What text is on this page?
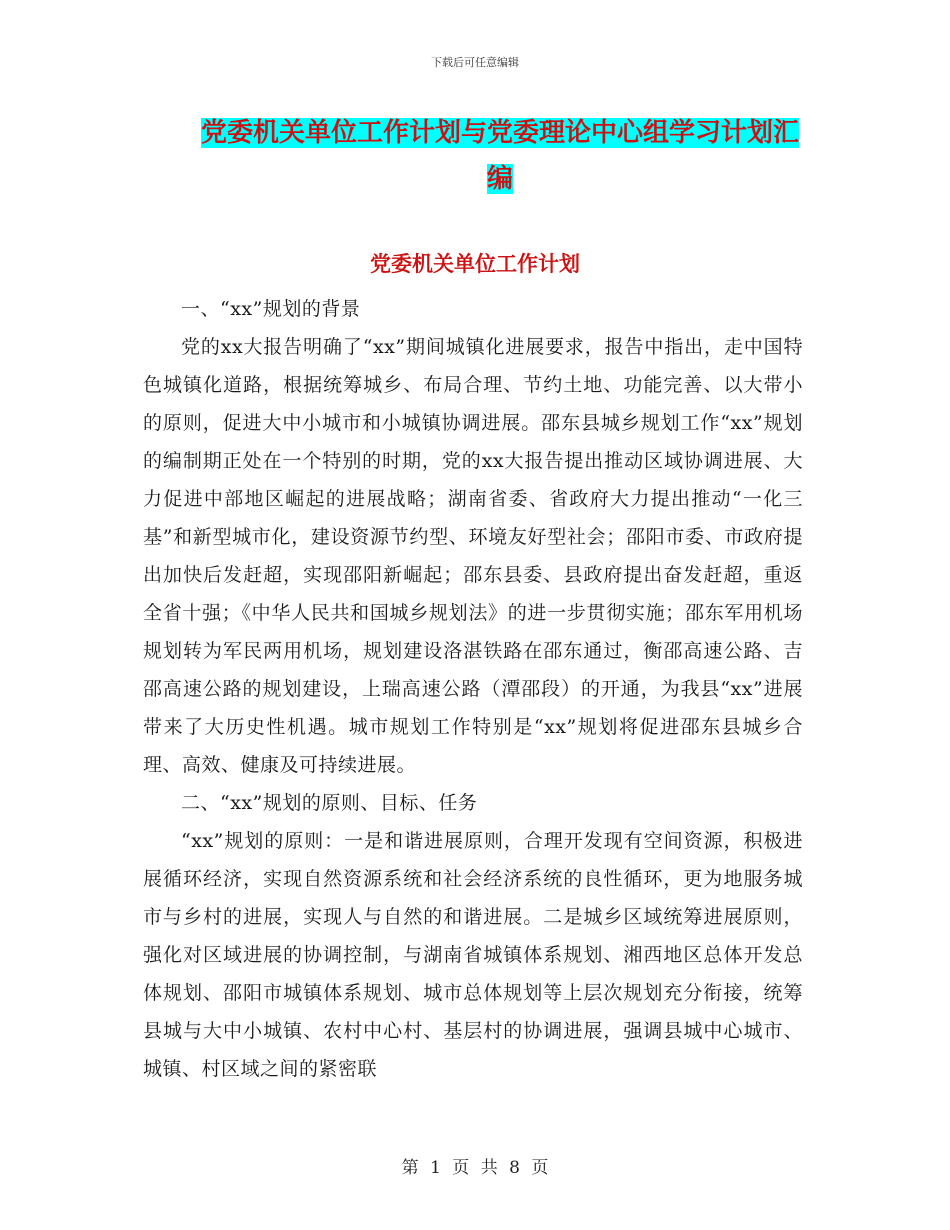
下载后可任意编辑
党委机关单位工作计划与党委理论中心组学习计划汇编
党委机关单位工作计划

一、“xx”规划的背景

党的xx大报告明确了“xx”期间城镇化进展要求，报告中指出，走中国特色城镇化道路，根据统筹城乡、布局合理、节约土地、功能完善、以大带小的原则，促进大中小城市和小城镇协调进展。邵东县城乡规划工作“xx”规划的编制期正处在一个特别的时期，党的xx大报告提出推动区域协调进展、大力促进中部地区崛起的进展战略；湖南省委、省政府大力提出推动“一化三基”和新型城市化，建设资源节约型、环境友好型社会；邵阳市委、市政府提出加快后发赶超，实现邵阳新崛起；邵东县委、县政府提出奋发赶超，重返全省十强；《中华人民共和国城乡规划法》的进一步贯彻实施；邵东军用机场规划转为军民两用机场，规划建设洛湛铁路在邵东通过，衡邵高速公路、吉邵高速公路的规划建设，上瑞高速公路（潭邵段）的开通，为我县“xx”进展带来了大历史性机遇。城市规划工作特别是“xx”规划将促进邵东县城乡合理、高效、健康及可持续进展。

二、“xx”规划的原则、目标、任务

“xx”规划的原则：一是和谐进展原则，合理开发现有空间资源，积极进展循环经济，实现自然资源系统和社会经济系统的良性循环，更为地服务城市与乡村的进展，实现人与自然的和谐进展。二是城乡区域统筹进展原则，强化对区域进展的协调控制，与湖南省城镇体系规划、湘西地区总体开发总体规划、邵阳市城镇体系规划、城市总体规划等上层次规划充分衔接，统筹县城与大中小城镇、农村中心村、基层村的协调进展，强调县城中心城市、城镇、村区域之间的紧密联

第 1 页 共 8 页
